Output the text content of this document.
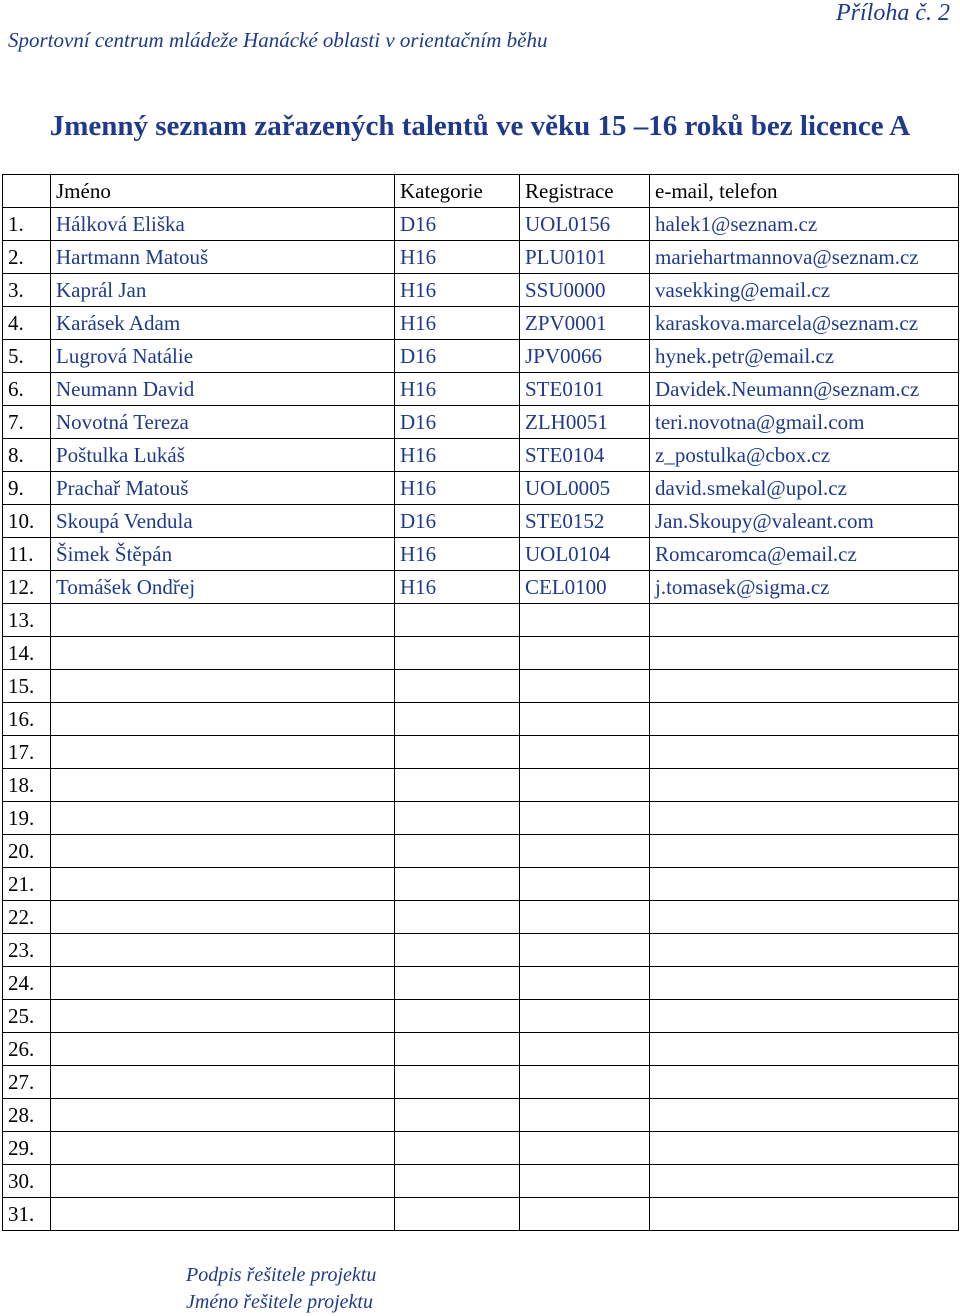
Příloha č. 2
Sportovní centrum mládeže Hanácké oblasti v orientačním běhu
Jmenný seznam zařazených talentů ve věku 15 –16 roků bez licence A
	Jméno	Kategorie	Registrace	e-mail, telefon
1.	Hálková Eliška	D16	UOL0156	halek1@seznam.cz
2.	Hartmann Matouš	H16	PLU0101	mariehartmannova@seznam.cz
3.	Kaprál Jan	H16	SSU0000	vasekking@email.cz
4.	Karásek Adam	H16	ZPV0001	karaskova.marcela@seznam.cz
5.	Lugrová Natálie	D16	JPV0066	hynek.petr@email.cz
6.	Neumann David	H16	STE0101	Davidek.Neumann@seznam.cz
7.	Novotná Tereza	D16	ZLH0051	teri.novotna@gmail.com
8.	Poštulka Lukáš	H16	STE0104	z_postulka@cbox.cz
9.	Prachař Matouš	H16	UOL0005	david.smekal@upol.cz
10.	Skoupá Vendula	D16	STE0152	Jan.Skoupy@valeant.com
11.	Šimek Štěpán	H16	UOL0104	Romcaromca@email.cz
12.	Tomášek Ondřej	H16	CEL0100	j.tomasek@sigma.cz
13.				
14.				
15.				
16.				
17.				
18.				
19.				
20.				
21.				
22.				
23.				
24.				
25.				
26.				
27.				
28.				
29.				
30.				
31.				
Podpis řešitele projektu
Jméno řešitele projektu
